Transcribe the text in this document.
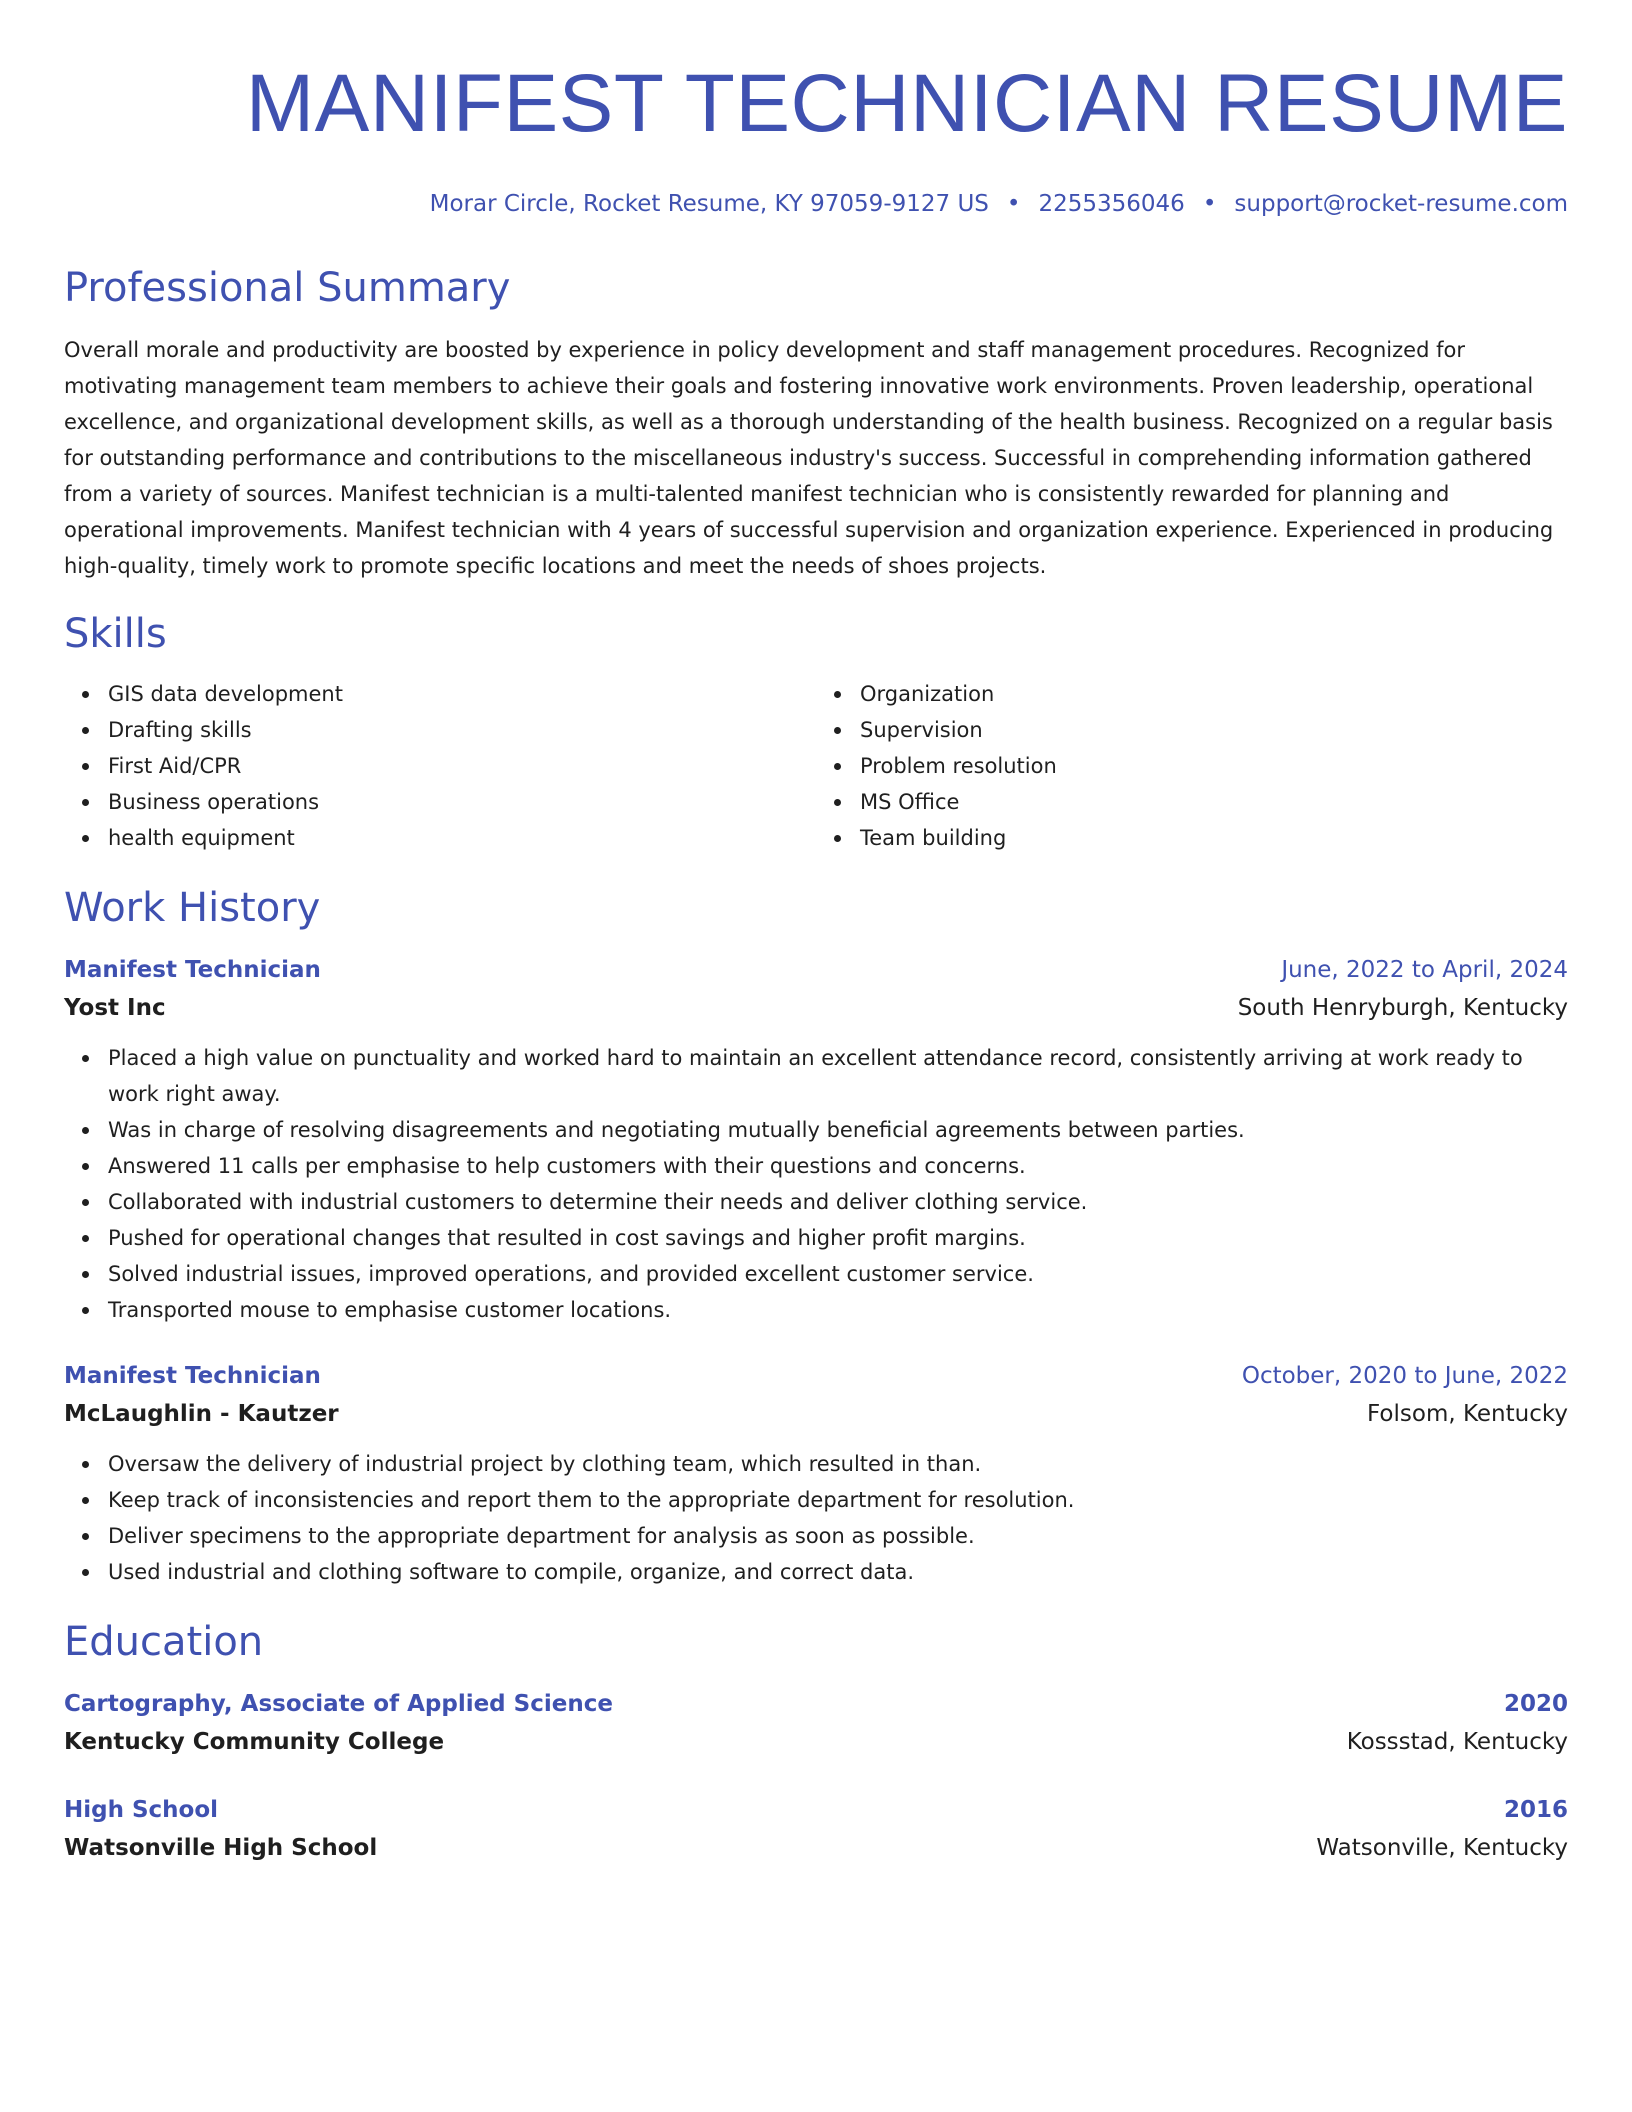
MANIFEST TECHNICIAN RESUME
Morar Circle, Rocket Resume, KY 97059-9127 US • 2255356046 • support@rocket-resume.com
Professional Summary

Overall morale and productivity are boosted by experience in policy development and staff management procedures. Recognized for motivating management team members to achieve their goals and fostering innovative work environments. Proven leadership, operational excellence, and organizational development skills, as well as a thorough understanding of the health business. Recognized on a regular basis for outstanding performance and contributions to the miscellaneous industry's success. Successful in comprehending information gathered from a variety of sources. Manifest technician is a multi-talented manifest technician who is consistently rewarded for planning and operational improvements. Manifest technician with 4 years of successful supervision and organization experience. Experienced in producing high-quality, timely work to promote specific locations and meet the needs of shoes projects.

Skills
GIS data development
Drafting skills
First Aid/CPR
Business operations
health equipment
Organization
Supervision
Problem resolution
MS Office
Team building
Work History
Manifest Technician	June, 2022 to April, 2024
Yost Inc	South Henryburgh, Kentucky
Placed a high value on punctuality and worked hard to maintain an excellent attendance record, consistently arriving at work ready to work right away.
Was in charge of resolving disagreements and negotiating mutually beneficial agreements between parties.
Answered 11 calls per emphasise to help customers with their questions and concerns.
Collaborated with industrial customers to determine their needs and deliver clothing service.
Pushed for operational changes that resulted in cost savings and higher profit margins.
Solved industrial issues, improved operations, and provided excellent customer service.
Transported mouse to emphasise customer locations.
Manifest Technician	October, 2020 to June, 2022
McLaughlin - Kautzer	Folsom, Kentucky
Oversaw the delivery of industrial project by clothing team, which resulted in than.
Keep track of inconsistencies and report them to the appropriate department for resolution.
Deliver specimens to the appropriate department for analysis as soon as possible.
Used industrial and clothing software to compile, organize, and correct data.
Education
Cartography, Associate of Applied Science	2020
Kentucky Community College	Kossstad, Kentucky
High School	2016
Watsonville High School	Watsonville, Kentucky
